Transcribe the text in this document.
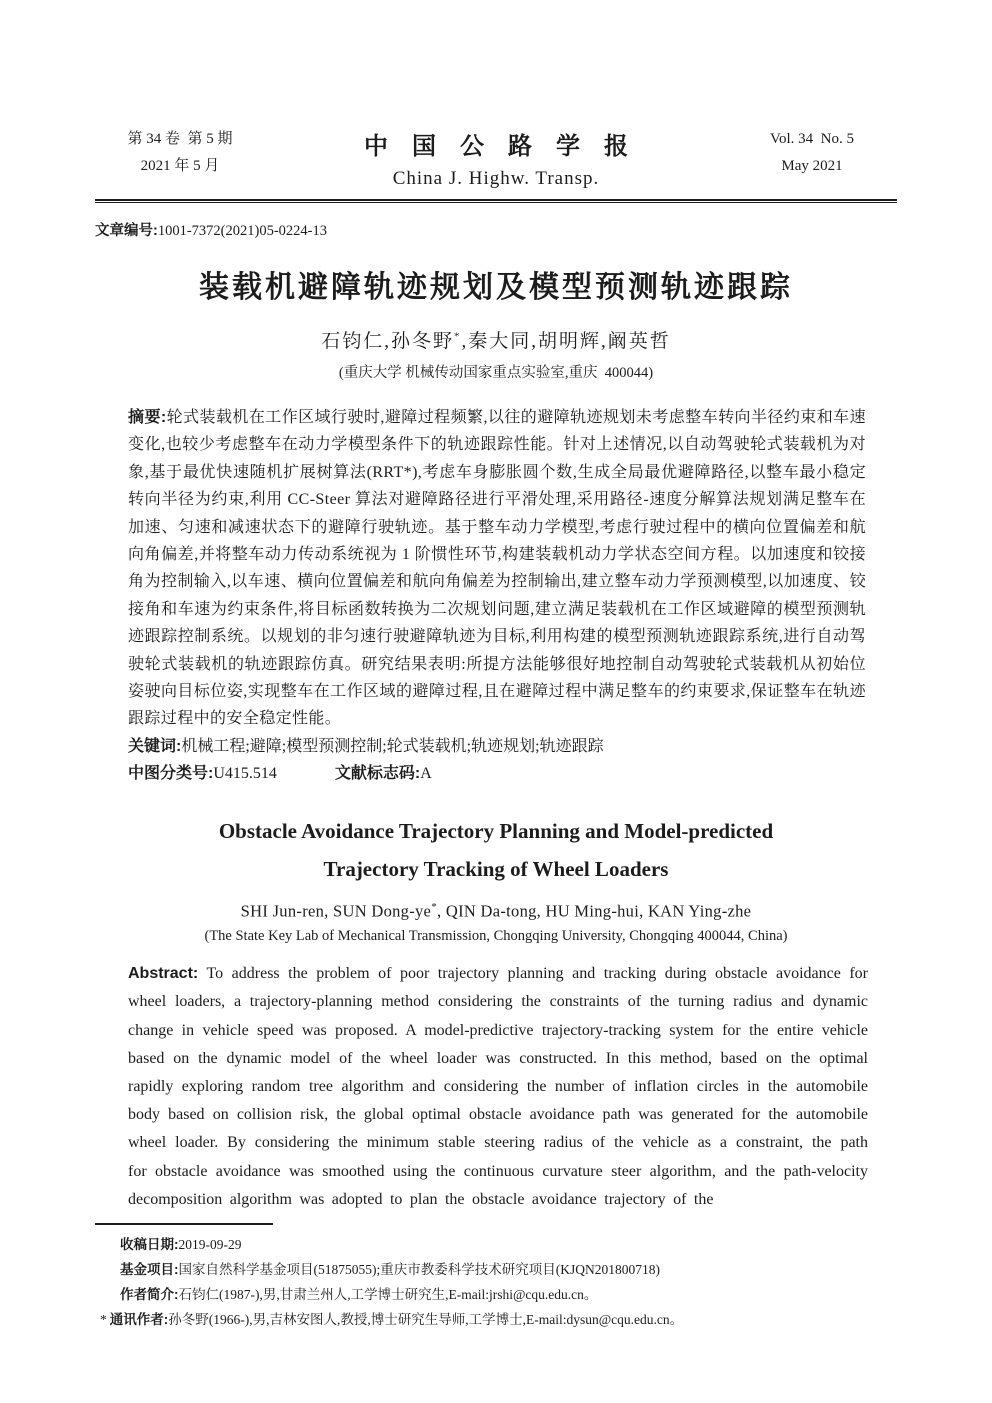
第 34 卷  第 5 期
2021 年 5 月
中国公路学报
China J. Highw. Transp.
Vol. 34  No. 5
May 2021

文章编号:1001-7372(2021)05-0224-13

装载机避障轨迹规划及模型预测轨迹跟踪
石钧仁,孙冬野*,秦大同,胡明辉,阚英哲
(重庆大学 机械传动国家重点实验室,重庆  400044)

摘要:轮式装载机在工作区域行驶时,避障过程频繁,以往的避障轨迹规划未考虑整车转向半径约束和车速变化,也较少考虑整车在动力学模型条件下的轨迹跟踪性能。针对上述情况,以自动驾驶轮式装载机为对象,基于最优快速随机扩展树算法(RRT*),考虑车身膨胀圆个数,生成全局最优避障路径,以整车最小稳定转向半径为约束,利用 CC-Steer 算法对避障路径进行平滑处理,采用路径-速度分解算法规划满足整车在加速、匀速和减速状态下的避障行驶轨迹。基于整车动力学模型,考虑行驶过程中的横向位置偏差和航向角偏差,并将整车动力传动系统视为 1 阶惯性环节,构建装载机动力学状态空间方程。以加速度和铰接角为控制输入,以车速、横向位置偏差和航向角偏差为控制输出,建立整车动力学预测模型,以加速度、铰接角和车速为约束条件,将目标函数转换为二次规划问题,建立满足装载机在工作区域避障的模型预测轨迹跟踪控制系统。以规划的非匀速行驶避障轨迹为目标,利用构建的模型预测轨迹跟踪系统,进行自动驾驶轮式装载机的轨迹跟踪仿真。研究结果表明:所提方法能够很好地控制自动驾驶轮式装载机从初始位姿驶向目标位姿,实现整车在工作区域的避障过程,且在避障过程中满足整车的约束要求,保证整车在轨迹跟踪过程中的安全稳定性能。

关键词:机械工程;避障;模型预测控制;轮式装载机;轨迹规划;轨迹跟踪

中图分类号:U415.514	文献标志码:A

Obstacle Avoidance Trajectory Planning and Model-predicted
Trajectory Tracking of Wheel Loaders
SHI Jun-ren, SUN Dong-ye*, QIN Da-tong, HU Ming-hui, KAN Ying-zhe
(The State Key Lab of Mechanical Transmission, Chongqing University, Chongqing 400044, China)

Abstract: To address the problem of poor trajectory planning and tracking during obstacle avoidance for wheel loaders, a trajectory-planning method considering the constraints of the turning radius and dynamic change in vehicle speed was proposed. A model-predictive trajectory-tracking system for the entire vehicle based on the dynamic model of the wheel loader was constructed. In this method, based on the optimal rapidly exploring random tree algorithm and considering the number of inflation circles in the automobile body based on collision risk, the global optimal obstacle avoidance path was generated for the automobile wheel loader. By considering the minimum stable steering radius of the vehicle as a constraint, the path for obstacle avoidance was smoothed using the continuous curvature steer algorithm, and the path-velocity decomposition algorithm was adopted to plan the obstacle avoidance trajectory of the

收稿日期:2019-09-29
基金项目:国家自然科学基金项目(51875055);重庆市教委科学技术研究项目(KJQN201800718)
作者简介:石钧仁(1987-),男,甘肃兰州人,工学博士研究生,E-mail:jrshi@cqu.edu.cn。
* 通讯作者:孙冬野(1966-),男,吉林安图人,教授,博士研究生导师,工学博士,E-mail:dysun@cqu.edu.cn。
